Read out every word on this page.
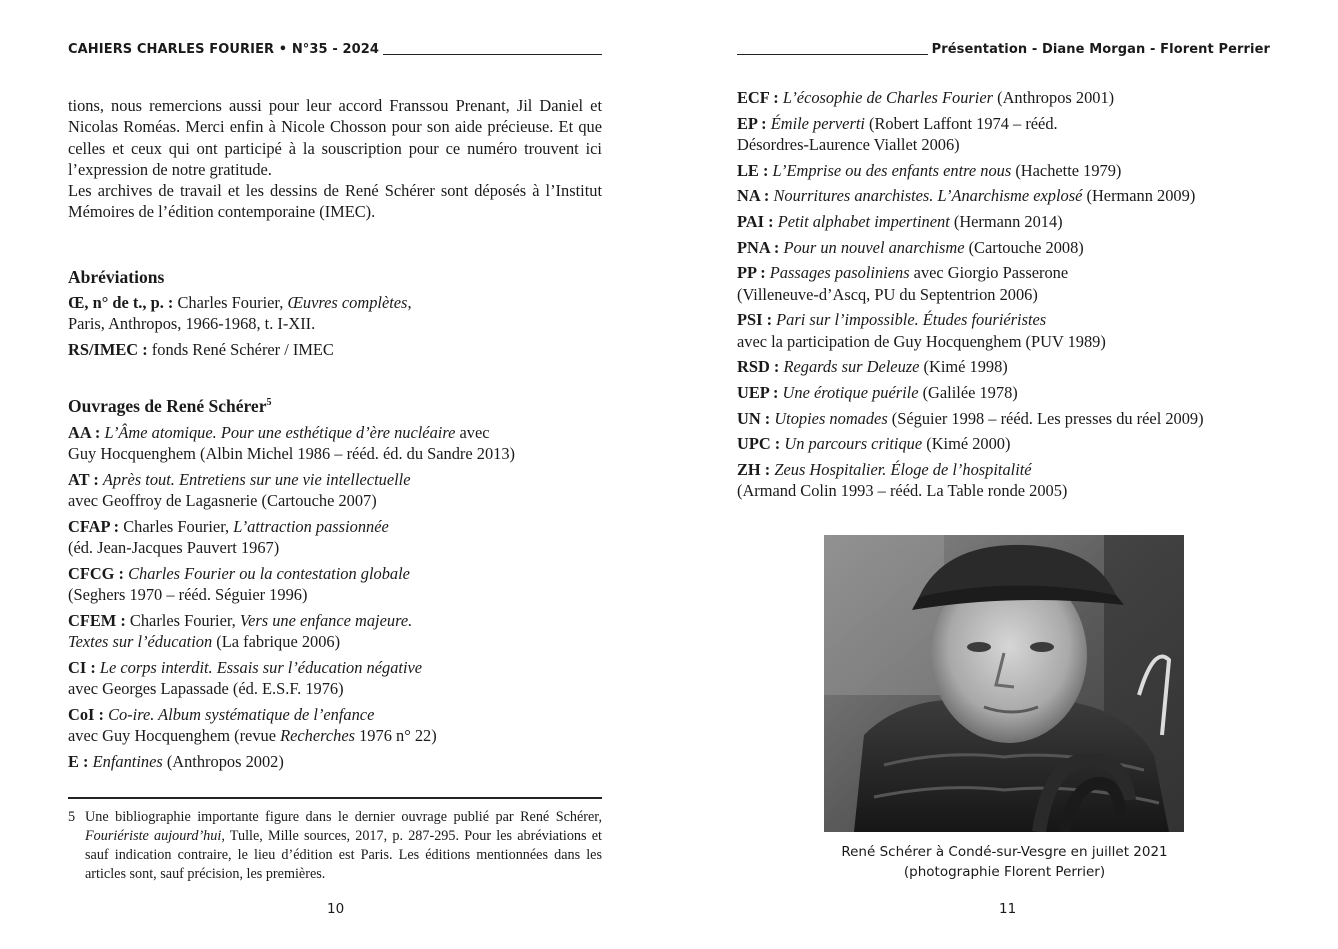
CAHIERS CHARLES FOURIER • N°35 - 2024

tions, nous remercions aussi pour leur accord Franssou Prenant, Jil Daniel et Nicolas Roméas. Merci enfin à Nicole Chosson pour son aide précieuse. Et que celles et ceux qui ont participé à la souscription pour ce numéro trouvent ici l’expression de notre gratitude.

Les archives de travail et les dessins de René Schérer sont déposés à l’Institut Mémoires de l’édition contemporaine (IMEC).

Abréviations
Œ, n° de t., p. : Charles Fourier, Œuvres complètes,
Paris, Anthropos, 1966-1968, t. I-XII.
RS/IMEC : fonds René Schérer / IMEC
Ouvrages de René Schérer$^5$
AA : L’Âme atomique. Pour une esthétique d’ère nucléaire avec
Guy Hocquenghem (Albin Michel 1986 – rééd. éd. du Sandre 2013)
AT : Après tout. Entretiens sur une vie intellectuelle
avec Geoffroy de Lagasnerie (Cartouche 2007)
CFAP : Charles Fourier, L’attraction passionnée
(éd. Jean-Jacques Pauvert 1967)
CFCG : Charles Fourier ou la contestation globale
(Seghers 1970 – rééd. Séguier 1996)
CFEM : Charles Fourier, Vers une enfance majeure.
Textes sur l’éducation (La fabrique 2006)
CI : Le corps interdit. Essais sur l’éducation négative
avec Georges Lapassade (éd. E.S.F. 1976)
CoI : Co-ire. Album systématique de l’enfance
avec Guy Hocquenghem (revue Recherches 1976 n° 22)
E : Enfantines (Anthropos 2002)
5 Une bibliographie importante figure dans le dernier ouvrage publié par René Schérer, Fouriériste aujourd’hui, Tulle, Mille sources, 2017, p. 287-295. Pour les abréviations et sauf indication contraire, le lieu d’édition est Paris. Les éditions mentionnées dans les articles sont, sauf précision, les premières.
10
Présentation - Diane Morgan - Florent Perrier
ECF : L’écosophie de Charles Fourier (Anthropos 2001)
EP : Émile perverti (Robert Laffont 1974 – rééd.
Désordres-Laurence Viallet 2006)
LE : L’Emprise ou des enfants entre nous (Hachette 1979)
NA : Nourritures anarchistes. L’Anarchisme explosé (Hermann 2009)
PAI : Petit alphabet impertinent (Hermann 2014)
PNA : Pour un nouvel anarchisme (Cartouche 2008)
PP : Passages pasoliniens avec Giorgio Passerone
(Villeneuve-d’Ascq, PU du Septentrion 2006)
PSI : Pari sur l’impossible. Études fouriéristes
avec la participation de Guy Hocquenghem (PUV 1989)
RSD : Regards sur Deleuze (Kimé 1998)
UEP : Une érotique puérile (Galilée 1978)
UN : Utopies nomades (Séguier 1998 – rééd. Les presses du réel 2009)
UPC : Un parcours critique (Kimé 2000)
ZH : Zeus Hospitalier. Éloge de l’hospitalité
(Armand Colin 1993 – rééd. La Table ronde 2005)
René Schérer à Condé-sur-Vesgre en juillet 2021
(photographie Florent Perrier)
11
